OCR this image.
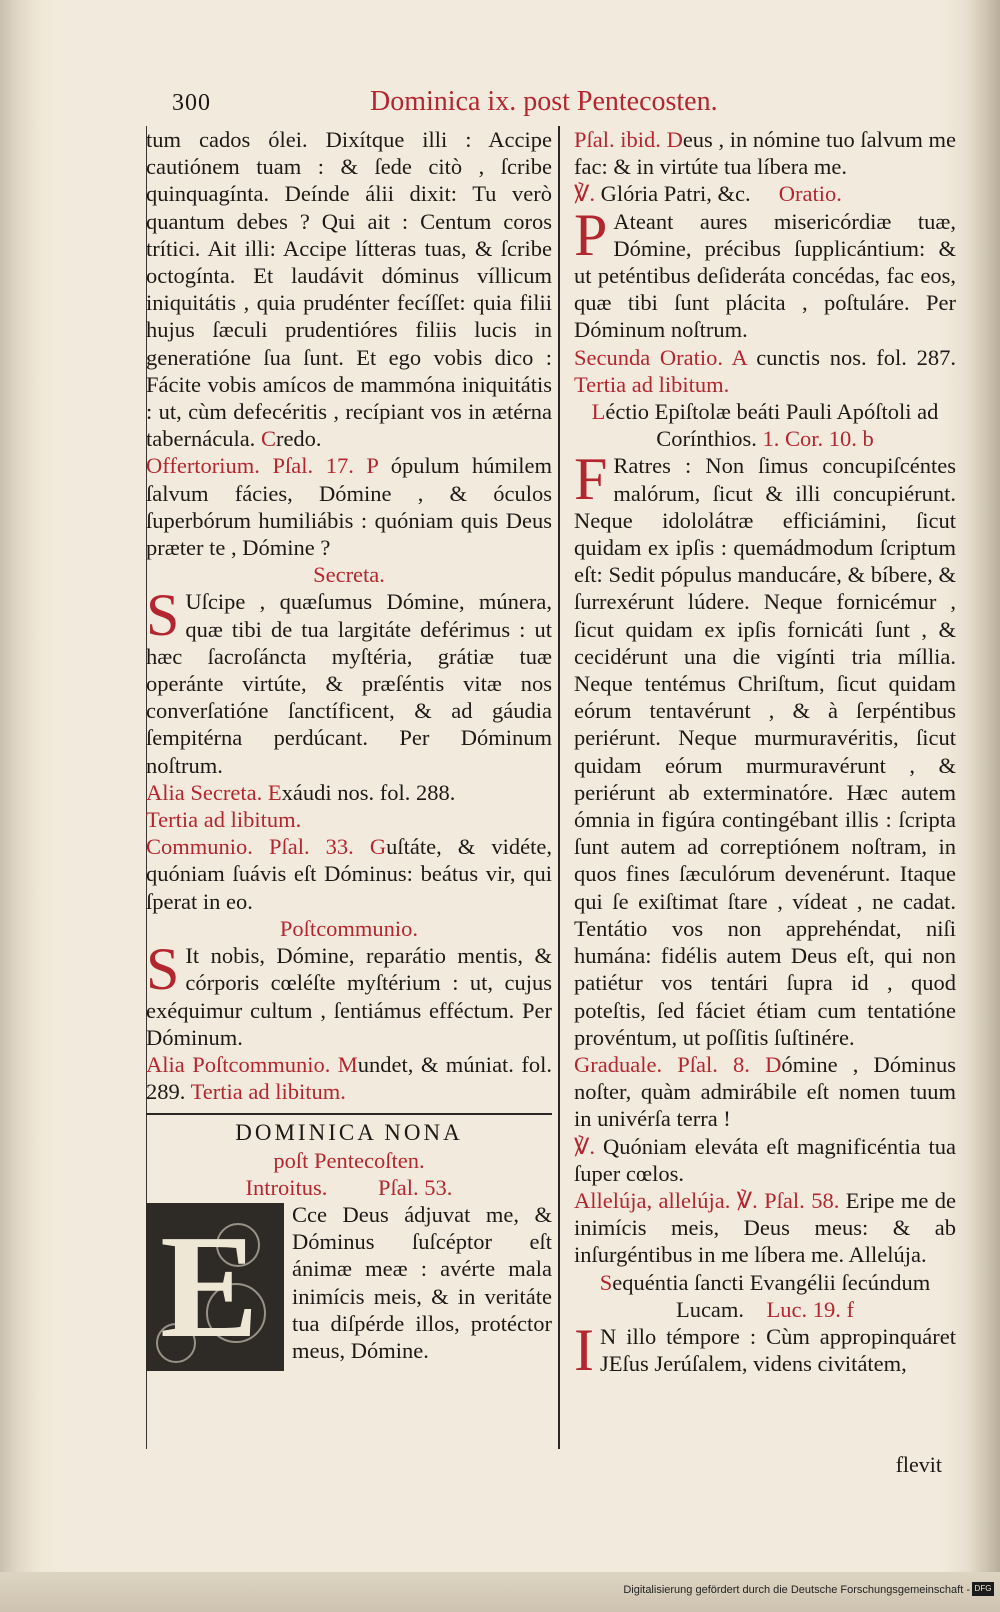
300	Dominica ix. post Pentecosten.

tum cados ólei. Dixítque illi : Accipe cautiónem tuam : & ſede citò , ſcribe quinquagínta. Deínde álii dixit: Tu verò quantum debes ? Qui ait : Centum coros trítici. Ait illi: Accipe lítteras tuas, & ſcribe octogínta. Et laudávit dóminus víllicum iniquitátis , quia prudénter fecíſſet: quia filii hujus ſæculi prudentióres filiis lucis in generatióne ſua ſunt. Et ego vobis dico : Fácite vobis amícos de mammóna iniquitátis : ut, cùm defecéritis , recípiant vos in ætérna tabernácula. Credo.

Offertorium. Pſal. 17. P ópulum húmilem ſalvum fácies, Dómine , & óculos ſuperbórum humiliábis : quóniam quis Deus præter te , Dómine ?

Secreta.

S Uſcipe , quæſumus Dómine, múnera, quæ tibi de tua largitáte deférimus : ut hæc ſacroſáncta myſtéria, grátiæ tuæ operánte virtúte, & præſéntis vitæ nos converſatióne ſanctíficent, & ad gáudia ſempitérna perdúcant. Per Dóminum noſtrum.

Alia Secreta. Exáudi nos. fol. 288.

Tertia ad libitum.

Communio. Pſal. 33. Guſtáte, & vidéte, quóniam ſuávis eſt Dóminus: beátus vir, qui ſperat in eo.

Poſtcommunio.

S It nobis, Dómine, reparátio mentis, & córporis cœléſte myſtérium : ut, cujus exéquimur cultum , ſentiámus efféctum. Per Dóminum.

Alia Poſtcommunio. Mundet, & múniat. fol. 289. Tertia ad libitum.

DOMINICA NONA

poſt Pentecoſten.

Introitus. Pſal. 53.

E Cce Deus ádjuvat me, & Dóminus ſuſcéptor eſt ánimæ meæ : avérte mala inimícis meis, & in veritáte tua diſpérde illos, protéctor meus, Dómine.

Pſal. ibid. Deus , in nómine tuo ſalvum me fac: & in virtúte tua líbera me.

℣. Glória Patri, &c. Oratio.

P Ateant aures misericórdiæ tuæ, Dómine, précibus ſupplicántium: & ut peténtibus deſideráta concédas, fac eos, quæ tibi ſunt plácita , poſtuláre. Per Dóminum noſtrum.

Secunda Oratio. A cunctis nos. fol. 287. Tertia ad libitum.

Léctio Epiſtolæ beáti Pauli Apóſtoli ad Corínthios. 1. Cor. 10. b

F Ratres : Non ſimus concupiſcéntes malórum, ſicut & illi concupiérunt. Neque idololátræ efficiámini, ſicut quidam ex ipſis : quemádmodum ſcriptum eſt: Sedit pópulus manducáre, & bíbere, & ſurrexérunt lúdere. Neque fornicémur , ſicut quidam ex ipſis fornicáti ſunt , & cecidérunt una die vigínti tria míllia. Neque tentémus Chriſtum, ſicut quidam eórum tentavérunt , & à ſerpéntibus periérunt. Neque murmuravéritis, ſicut quidam eórum murmuravérunt , & periérunt ab exterminatóre. Hæc autem ómnia in figúra contingébant illis : ſcripta ſunt autem ad correptiónem noſtram, in quos fines ſæculórum devenérunt. Itaque qui ſe exiſtimat ſtare , vídeat , ne cadat. Tentátio vos non apprehéndat, niſi humána: fidélis autem Deus eſt, qui non patiétur vos tentári ſupra id , quod poteſtis, ſed fáciet étiam cum tentatióne provéntum, ut poſſitis ſuſtinére.

Graduale. Pſal. 8. Dómine , Dóminus noſter, quàm admirábile eſt nomen tuum in univérſa terra !

℣. Quóniam eleváta eſt magnificéntia tua ſuper cœlos.

Allelúja, allelúja. ℣. Pſal. 58. Eripe me de inimícis meis, Deus meus: & ab inſurgéntibus in me líbera me. Allelúja.

Sequéntia ſancti Evangélii ſecúndum

Lucam. Luc. 19. f

I N illo témpore : Cùm appropinquáret JEſus Jerúſalem, videns civitátem,

flevit
Digitalisierung gefördert durch die Deutsche Forschungsgemeinschaft - DFG
